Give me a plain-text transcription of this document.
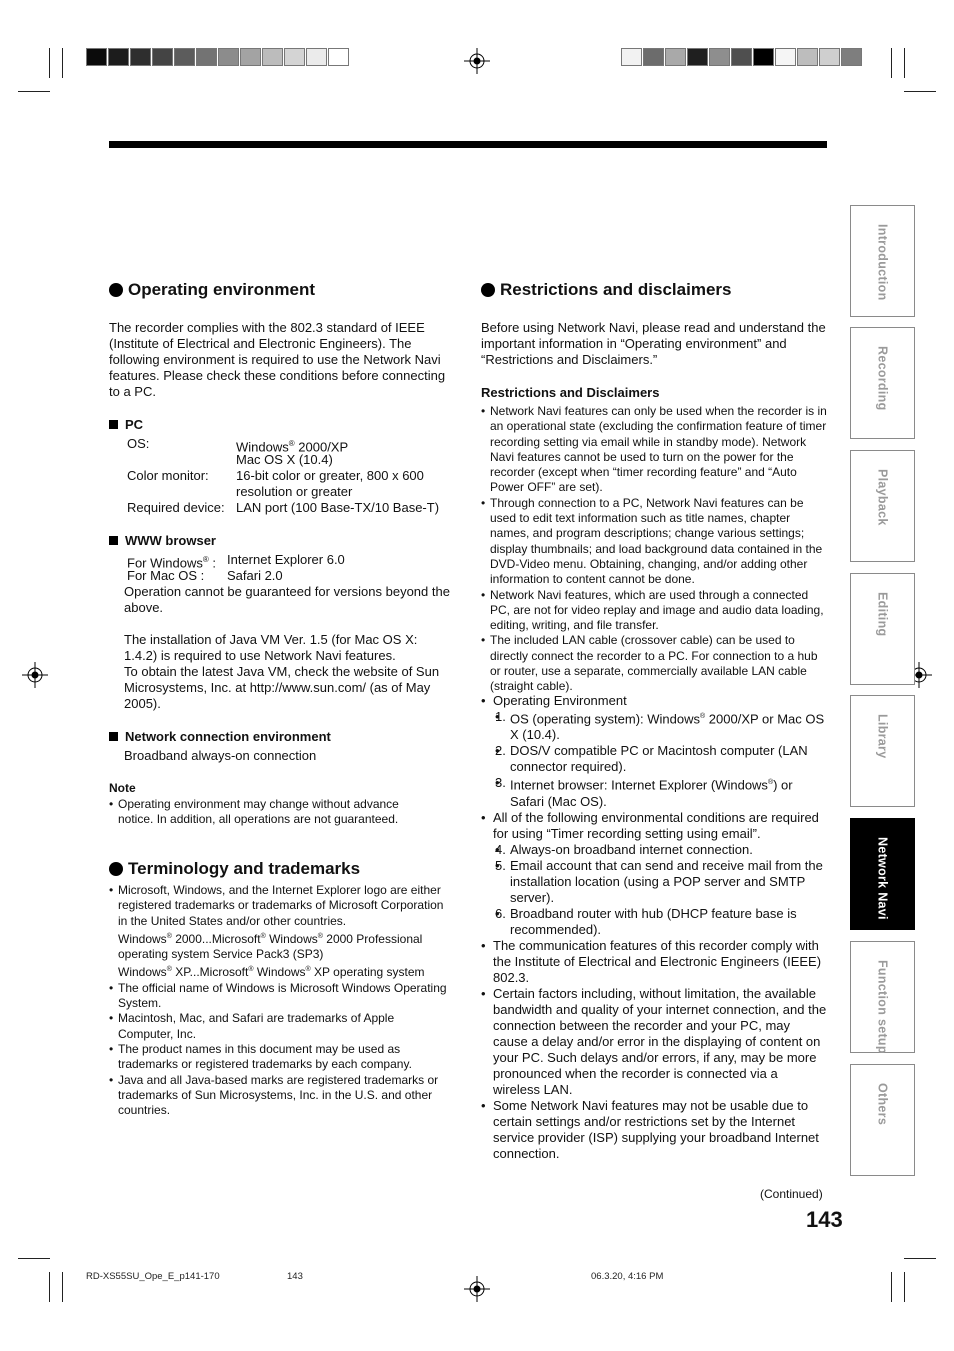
Operating environment

The recorder complies with the 802.3 standard of IEEE (Institute of Electrical and Electronic Engineers). The following environment is required to use the Network Navi features. Please check these conditions before connecting to a PC.

PC
OS:	Windows® 2000/XP
Mac OS X (10.4)
Color monitor: 16-bit color or greater, 800 x 600
resolution or greater
Required device: LAN port (100 Base-TX/10 Base-T)
WWW browser
For Windows® : Internet Explorer 6.0
For Mac OS : Safari 2.0

Operation cannot be guaranteed for versions beyond the above.

The installation of Java VM Ver. 1.5 (for Mac OS X: 1.4.2) is required to use Network Navi features.

To obtain the latest Java VM, check the website of Sun Microsystems, Inc. at http://www.sun.com/ (as of May 2005).

Network connection environment

Broadband always-on connection

Note

• Operating environment may change without advance notice. In addition, all operations are not guaranteed.
Terminology and trademarks
• Microsoft, Windows, and the Internet Explorer logo are either registered trademarks or trademarks of Microsoft Corporation in the United States and/or other countries.
Windows® 2000...Microsoft® Windows® 2000 Professional operating system Service Pack3 (SP3)
Windows® XP...Microsoft® Windows® XP operating system
• The official name of Windows is Microsoft Windows Operating System.
• Macintosh, Mac, and Safari are trademarks of Apple Computer, Inc.
• The product names in this document may be used as trademarks or registered trademarks by each company.
• Java and all Java-based marks are registered trademarks or trademarks of Sun Microsystems, Inc. in the U.S. and other countries.
Restrictions and disclaimers

Before using Network Navi, please read and understand the important information in “Operating environment” and “Restrictions and Disclaimers.”

Restrictions and Disclaimers

• Network Navi features can only be used when the recorder is in an operational state (excluding the confirmation feature of timer recording setting via email while in standby mode). Network Navi features cannot be used to turn on the power for the recorder (except when “timer recording feature” and “Auto Power OFF” are set).
• Through connection to a PC, Network Navi features can be used to edit text information such as title names, chapter names, and program descriptions; change various settings; display thumbnails; and load background data contained in the DVD-Video menu. Obtaining, changing, and/or adding other information to content cannot be done.
• Network Navi features, which are used through a connected PC, are not for video replay and image and audio data loading, editing, writing, and file transfer.
• The included LAN cable (crossover cable) can be used to directly connect the recorder to a PC. For connection to a hub or router, use a separate, commercially available LAN cable (straight cable).
• Operating Environment
• 1. OS (operating system): Windows® 2000/XP or Mac OS X (10.4).
• 2. DOS/V compatible PC or Macintosh computer (LAN connector required).
• 3. Internet browser: Internet Explorer (Windows®) or Safari (Mac OS).
• All of the following environmental conditions are required for using “Timer recording setting using email”.
• 4. Always-on broadband internet connection.
• 5. Email account that can send and receive mail from the installation location (using a POP server and SMTP server).
• 6. Broadband router with hub (DHCP feature base is recommended).
• The communication features of this recorder comply with the Institute of Electrical and Electronic Engineers (IEEE) 802.3.
• Certain factors including, without limitation, the available bandwidth and quality of your internet connection, and the connection between the recorder and your PC, may cause a delay and/or error in the displaying of content on your PC. Such delays and/or errors, if any, may be more pronounced when the recorder is connected via a wireless LAN.
• Some Network Navi features may not be usable due to certain settings and/or restrictions set by the Internet service provider (ISP) supplying your broadband Internet connection.

(Continued)

143

Introduction
Recording
Playback
Editing
Library
Network Navi
Function setup
Others
RD-XS55SU_Ope_E_p141-170	143	06.3.20, 4:16 PM
